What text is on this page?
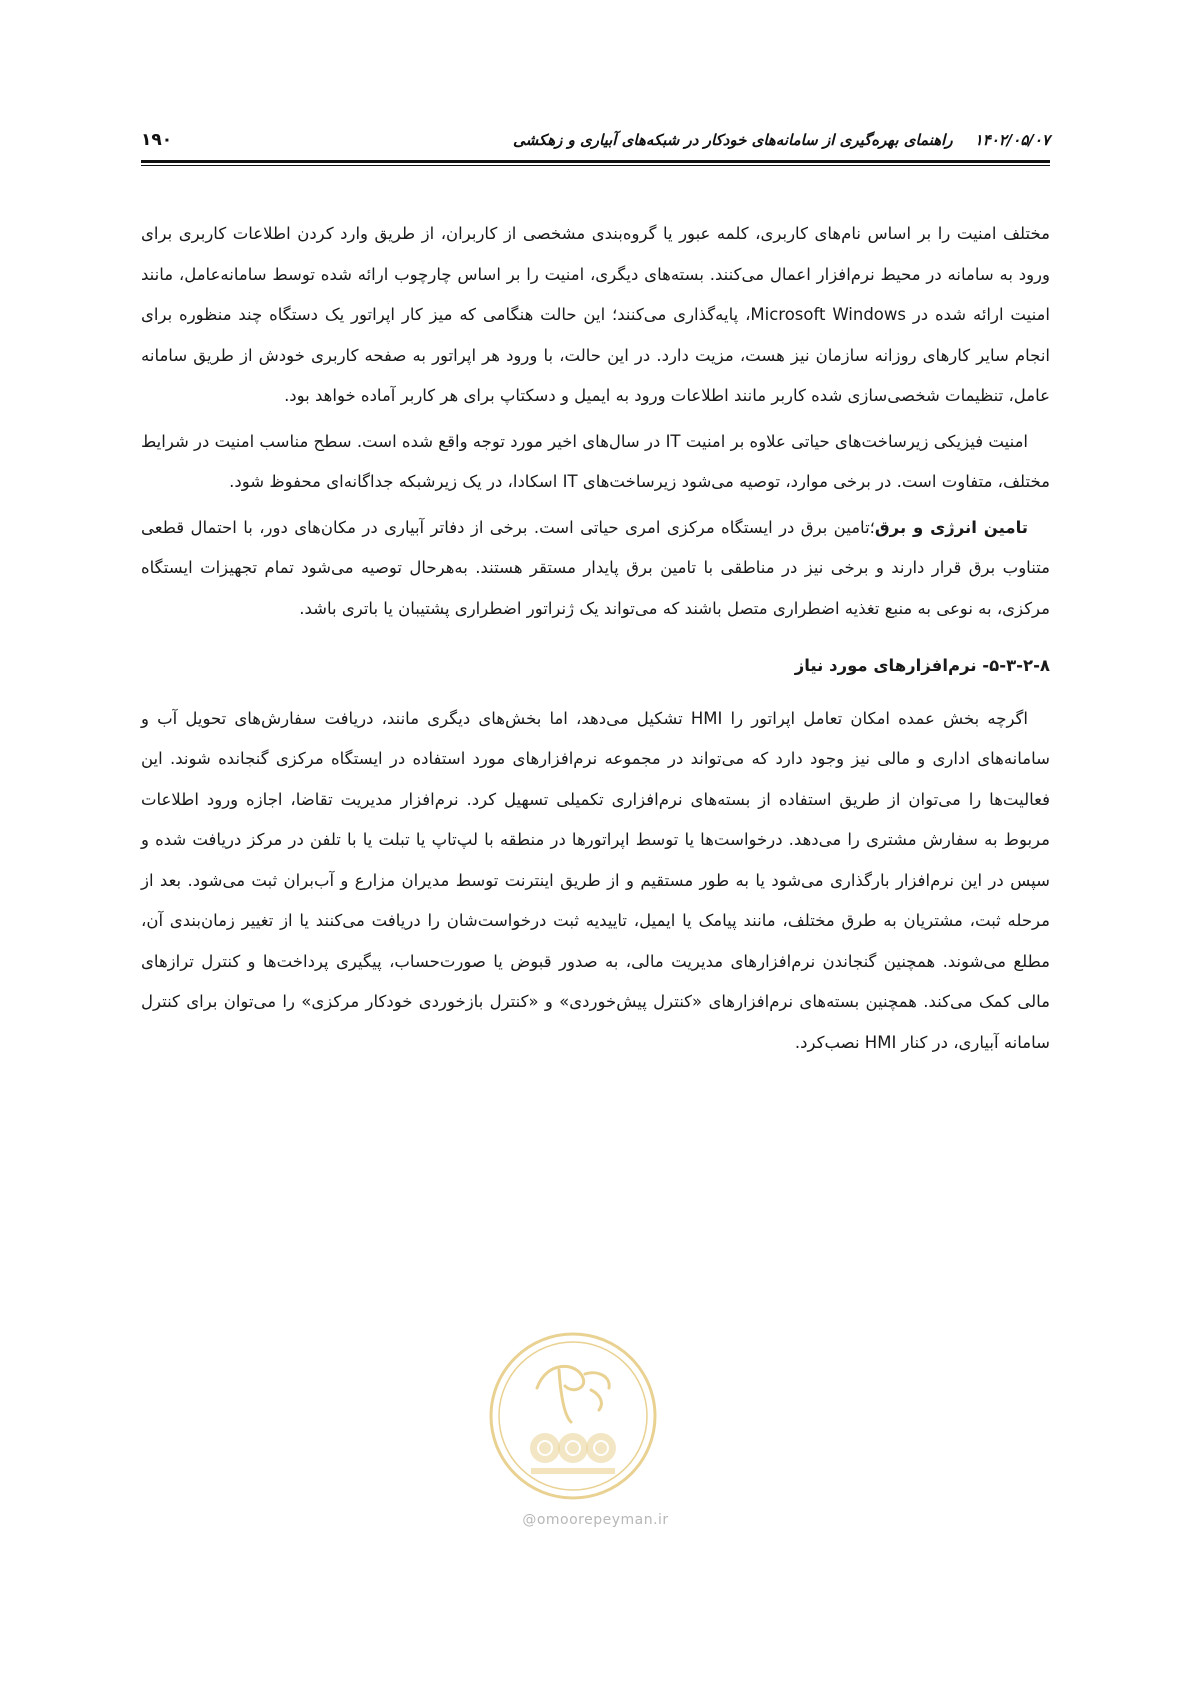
۱۴۰۲/۰۵/۰۷
راهنمای بهره‌گیری از سامانه‌های خودکار در شبکه‌های آبیاری و زهکشی
۱۹۰

مختلف امنیت را بر اساس نام‌های کاربری، کلمه عبور یا گروه‌بندی مشخصی از کاربران، از طریق وارد کردن اطلاعات کاربری برای ورود به سامانه در محیط نرم‌افزار اعمال می‌کنند. بسته‌های دیگری، امنیت را بر اساس چارچوب ارائه شده توسط سامانه‌عامل، مانند امنیت ارائه شده در Microsoft Windows، پایه‌گذاری می‌کنند؛ این حالت هنگامی که میز کار اپراتور یک دستگاه چند منظوره برای انجام سایر کارهای روزانه سازمان نیز هست، مزیت دارد. در این حالت، با ورود هر اپراتور به صفحه کاربری خودش از طریق سامانه عامل، تنظیمات شخصی‌سازی شده کاربر مانند اطلاعات ورود به ایمیل و دسکتاپ برای هر کاربر آماده خواهد بود.

امنیت فیزیکی زیرساخت‌های حیاتی علاوه بر امنیت IT در سال‌های اخیر مورد توجه واقع شده است. سطح مناسب امنیت در شرایط مختلف، متفاوت است. در برخی موارد، توصیه می‌شود زیرساخت‌های IT اسکادا، در یک زیرشبکه جداگانه‌ای محفوظ شود.

تامین انرژی و برق؛تامین برق در ایستگاه مرکزی امری حیاتی است. برخی از دفاتر آبیاری در مکان‌های دور، با احتمال قطعی متناوب برق قرار دارند و برخی نیز در مناطقی با تامین برق پایدار مستقر هستند. به‌هرحال توصیه می‌شود تمام تجهیزات ایستگاه مرکزی، به نوعی به منبع تغذیه اضطراری متصل باشند که می‌تواند یک ژنراتور اضطراری پشتیبان یا باتری باشد.

۵-۳-۲-۸- نرم‌افزارهای مورد نیاز

اگرچه بخش عمده امکان تعامل اپراتور را HMI تشکیل می‌دهد، اما بخش‌های دیگری مانند، دریافت سفارش‌های تحویل آب و سامانه‌های اداری و مالی نیز وجود دارد که می‌تواند در مجموعه نرم‌افزارهای مورد استفاده در ایستگاه مرکزی گنجانده شوند. این فعالیت‌ها را می‌توان از طریق استفاده از بسته‌های نرم‌افزاری تکمیلی تسهیل کرد. نرم‌افزار مدیریت تقاضا، اجازه ورود اطلاعات مربوط به سفارش مشتری را می‌دهد. درخواست‌ها یا توسط اپراتورها در منطقه با لپ‌تاپ یا تبلت یا با تلفن در مرکز دریافت شده و سپس در این نرم‌افزار بارگذاری می‌شود یا به طور مستقیم و از طریق اینترنت توسط مدیران مزارع و آب‌بران ثبت می‌شود. بعد از مرحله ثبت، مشتریان به طرق مختلف، مانند پیامک یا ایمیل، تاییدیه ثبت درخواست‌شان را دریافت می‌کنند یا از تغییر زمان‌بندی آن، مطلع می‌شوند. همچنین گنجاندن نرم‌افزارهای مدیریت مالی، به صدور قبوض یا صورت‌حساب، پیگیری پرداخت‌ها و کنترل ترازهای مالی کمک می‌کند. همچنین بسته‌های نرم‌افزارهای «کنترل پیش‌خوردی» و «کنترل بازخوردی خودکار مرکزی» را می‌توان برای کنترل سامانه آبیاری، در کنار HMI نصب‌کرد.

@omoorepeyman.ir
